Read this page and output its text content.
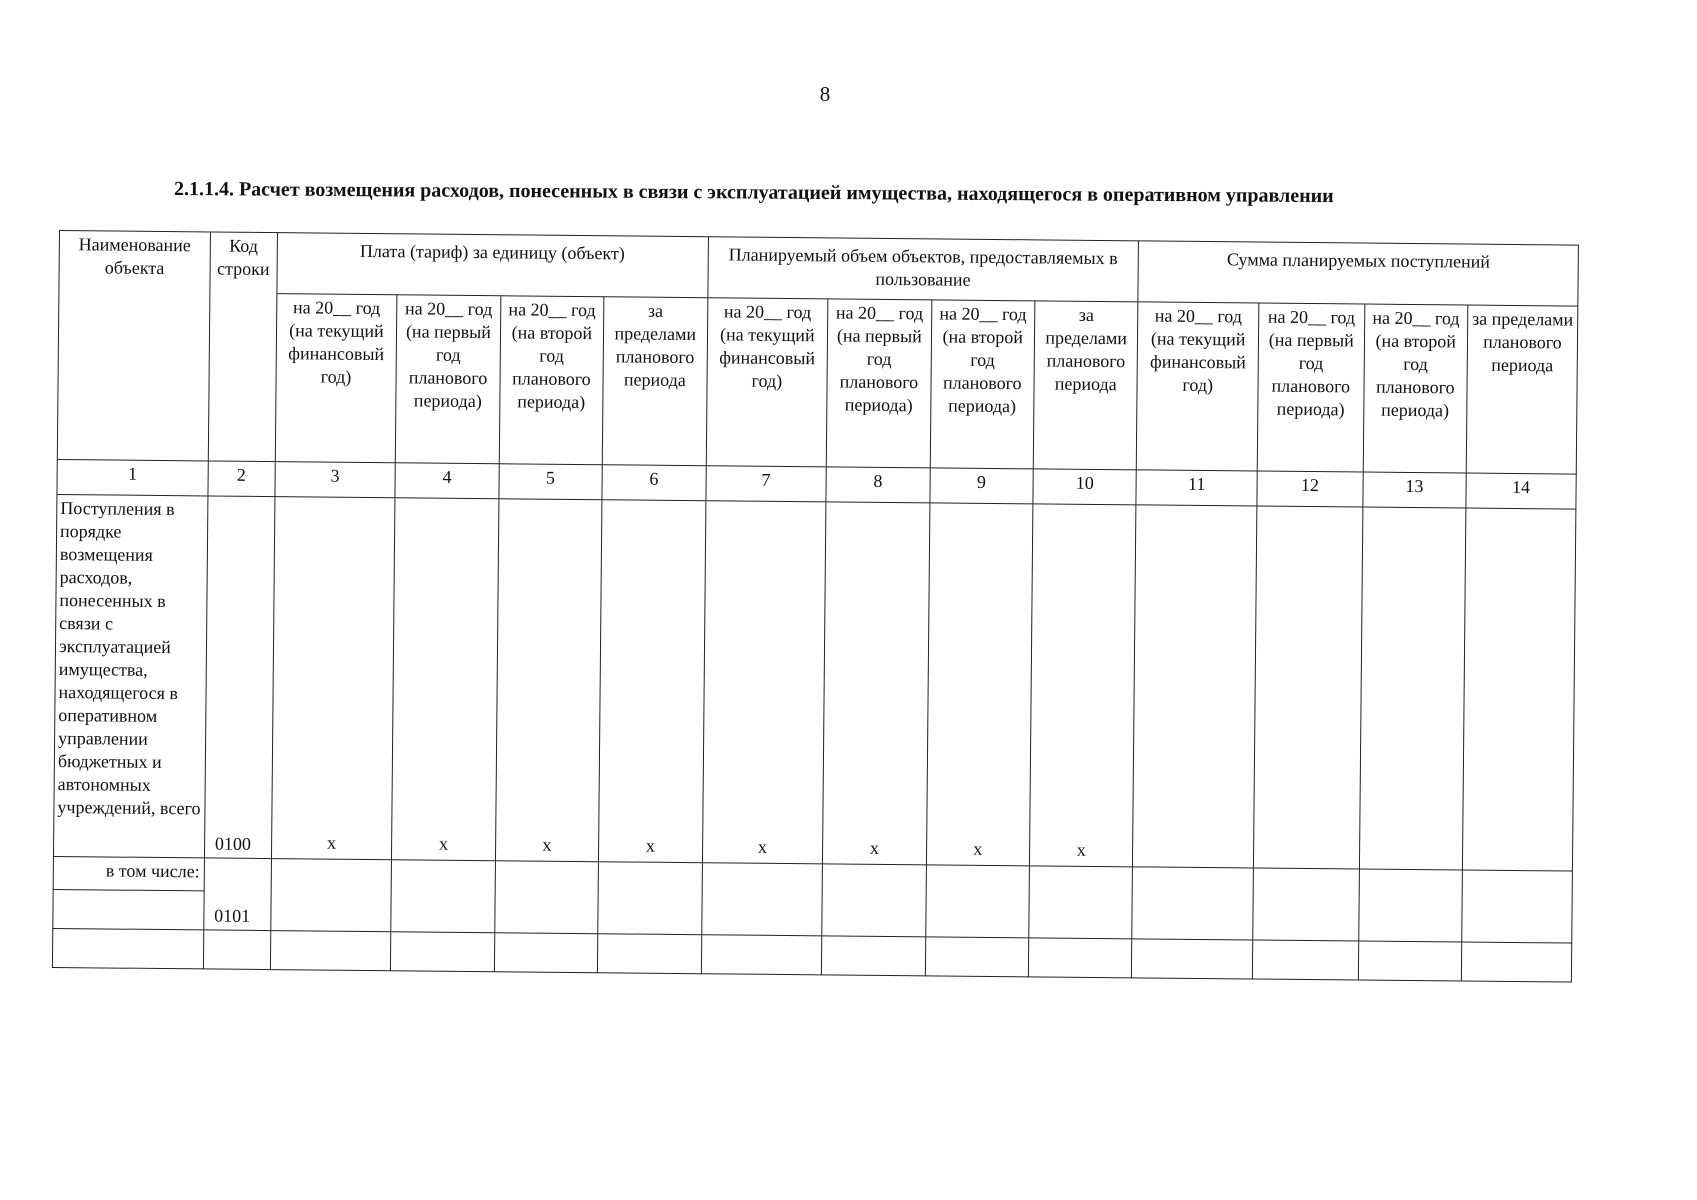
8
2.1.1.4. Расчет возмещения расходов, понесенных в связи с эксплуатацией имущества, находящегося в оперативном управлении
Наименование объекта	Код строки	Плата (тариф) за единицу (объект)				Планируемый объем объектов, предоставляемых в пользование				Сумма планируемых поступлений			
		на 20__ год (на текущий финансовый год)	на 20__ год (на первый год планового периода)	на 20__ год (на второй год планового периода)	за пределами планового периода	на 20__ год (на текущий финансовый год)	на 20__ год (на первый год планового периода)	на 20__ год (на второй год планового периода)	за пределами планового периода	на 20__ год (на текущий финансовый год)	на 20__ год (на первый год планового периода)	на 20__ год (на второй год планового периода)	за пределами планового периода
1	2	3	4	5	6	7	8	9	10	11	12	13	14
Поступления в порядке возмещения расходов, понесенных в связи с эксплуатацией имущества, находящегося в оперативном управлении бюджетных и автономных учреждений, всего	0100	x	x	x	x	x	x	x	x				
в том числе:	0101												
